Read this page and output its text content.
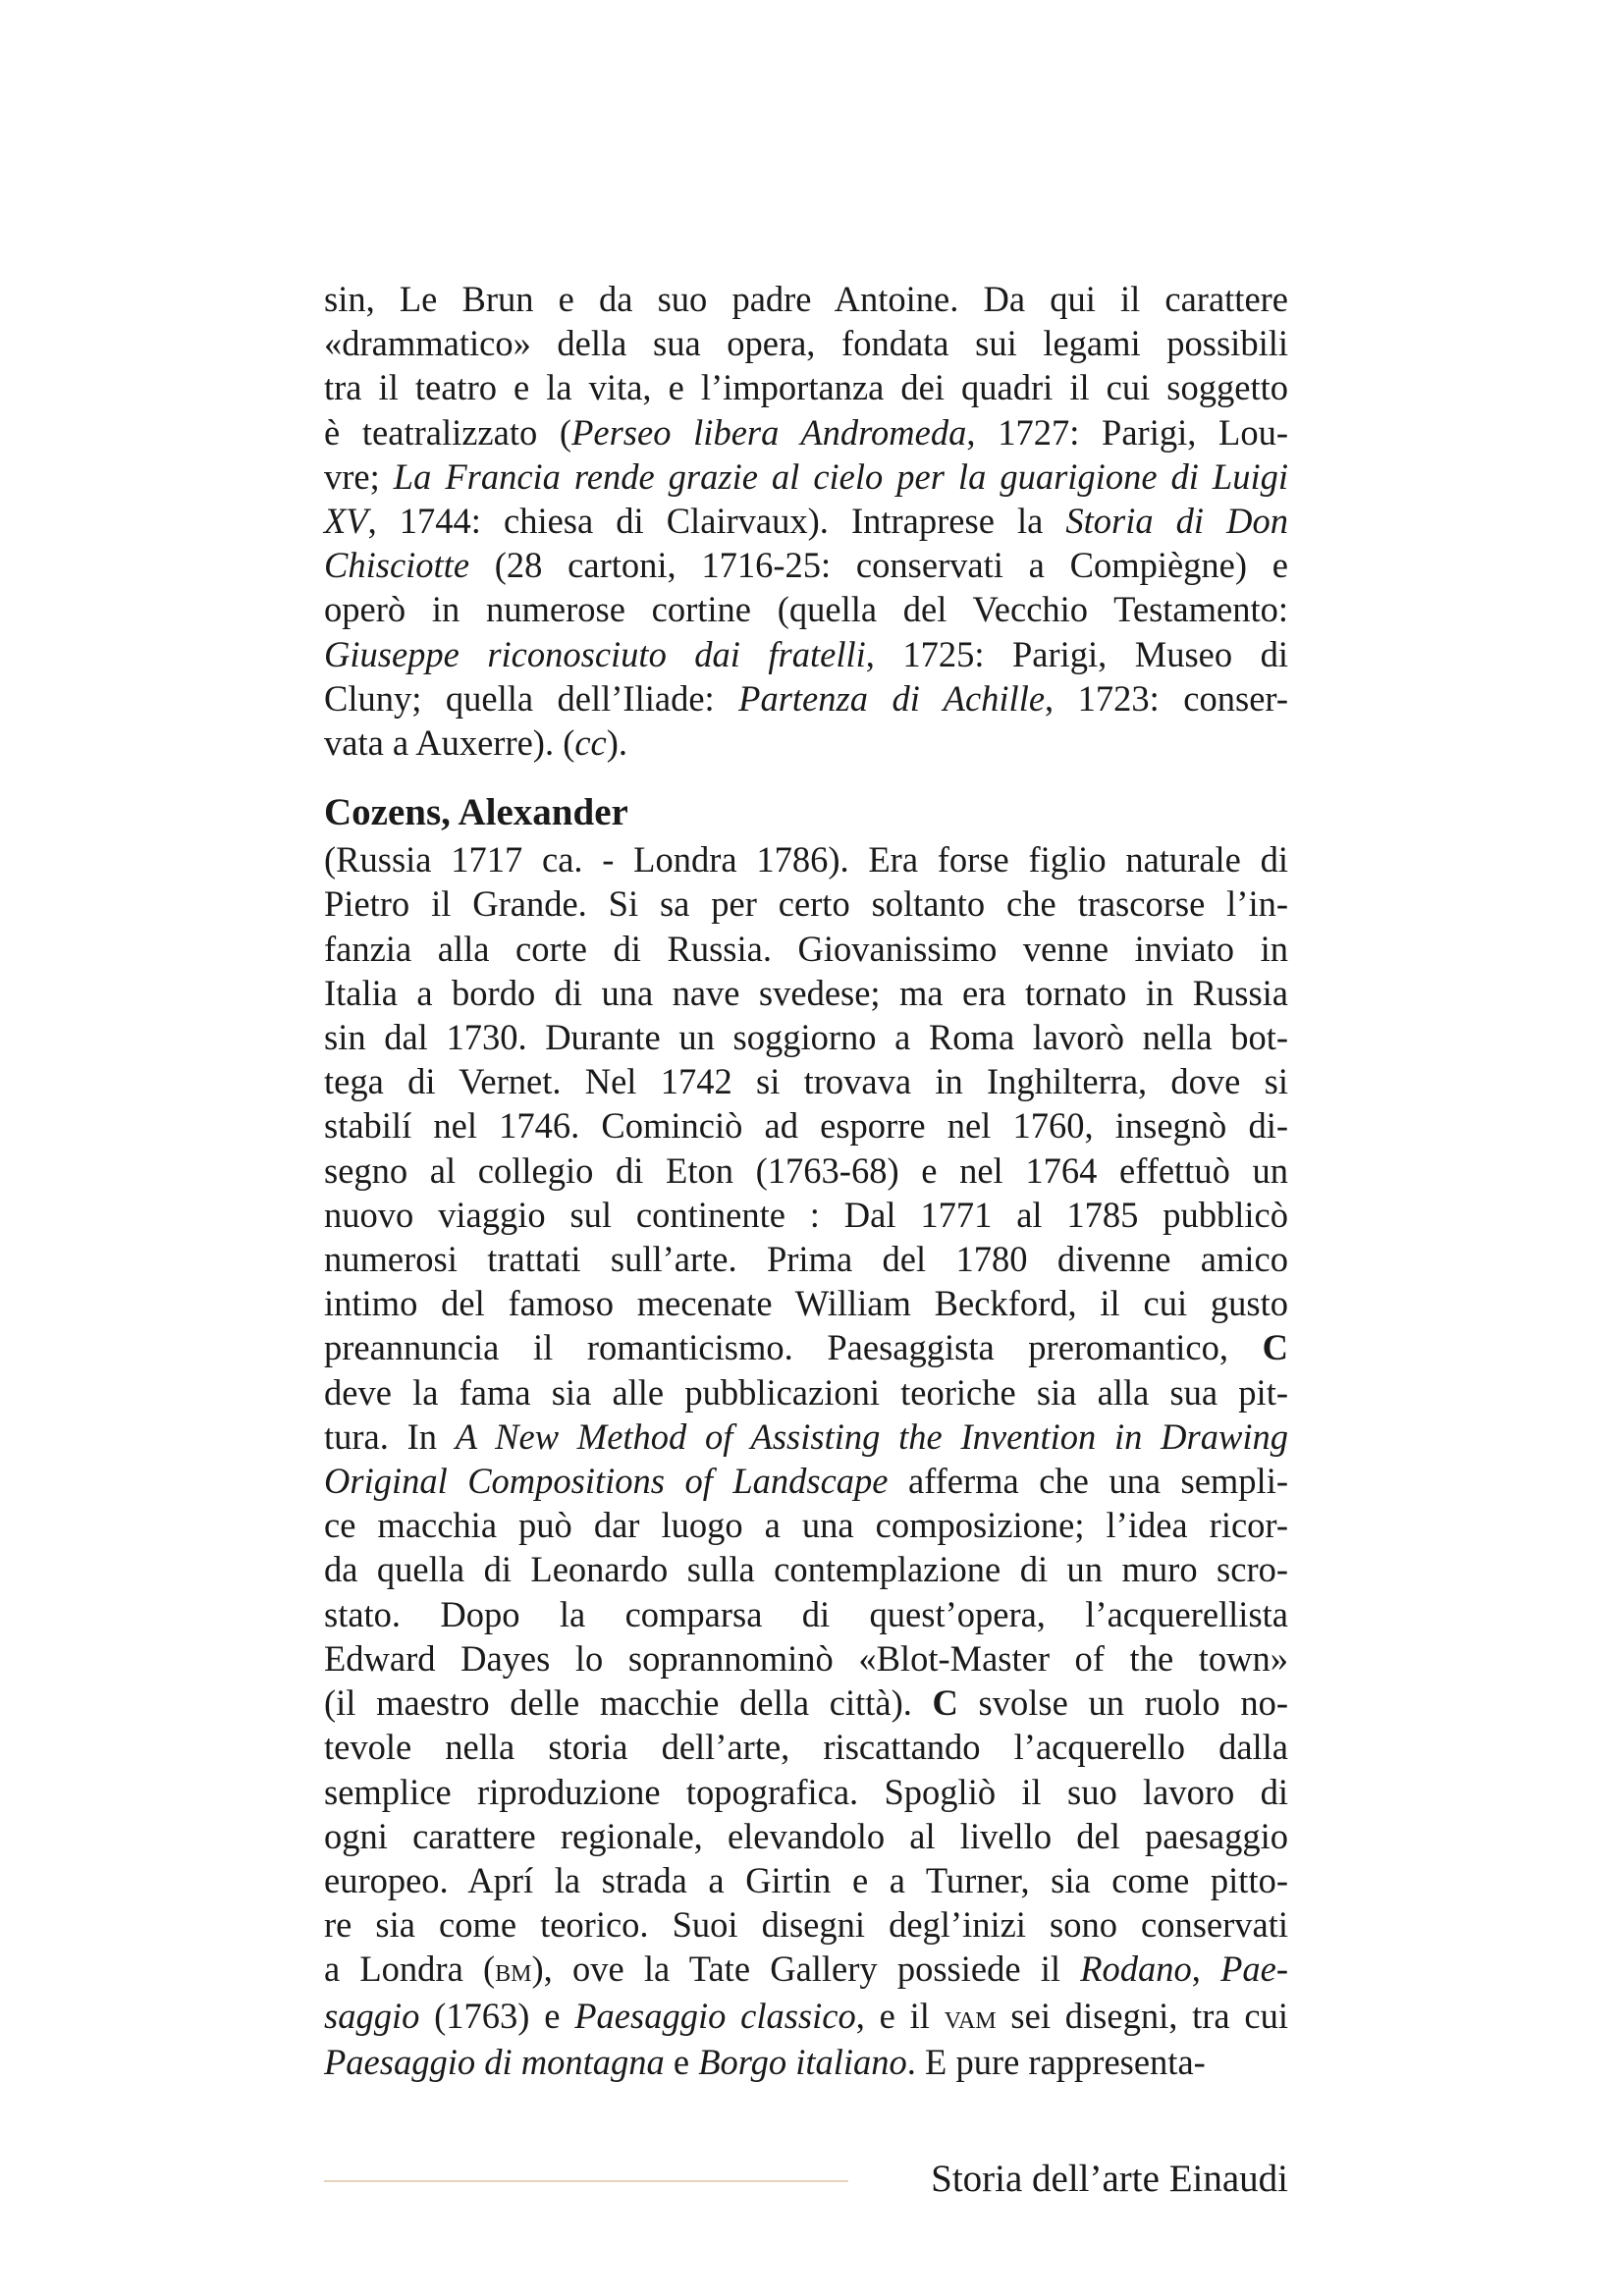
sin, Le Brun e da suo padre Antoine. Da qui il carattere
«drammatico» della sua opera, fondata sui legami possibili
tra il teatro e la vita, e l’importanza dei quadri il cui soggetto
è teatralizzato (Perseo libera Andromeda, 1727: Parigi, Lou-
vre; La Francia rende grazie al cielo per la guarigione di Luigi
XV, 1744: chiesa di Clairvaux). Intraprese la Storia di Don
Chisciotte (28 cartoni, 1716-25: conservati a Compiègne) e
operò in numerose cortine (quella del Vecchio Testamento:
Giuseppe riconosciuto dai fratelli, 1725: Parigi, Museo di
Cluny; quella dell’Iliade: Partenza di Achille, 1723: conser-
vata a Auxerre). (cc).
Cozens, Alexander
(Russia 1717 ca. - Londra 1786). Era forse figlio naturale di
Pietro il Grande. Si sa per certo soltanto che trascorse l’in-
fanzia alla corte di Russia. Giovanissimo venne inviato in
Italia a bordo di una nave svedese; ma era tornato in Russia
sin dal 1730. Durante un soggiorno a Roma lavorò nella bot-
tega di Vernet. Nel 1742 si trovava in Inghilterra, dove si
stabilí nel 1746. Cominciò ad esporre nel 1760, insegnò di-
segno al collegio di Eton (1763-68) e nel 1764 effettuò un
nuovo viaggio sul continente : Dal 1771 al 1785 pubblicò
numerosi trattati sull’arte. Prima del 1780 divenne amico
intimo del famoso mecenate William Beckford, il cui gusto
preannuncia il romanticismo. Paesaggista preromantico, C
deve la fama sia alle pubblicazioni teoriche sia alla sua pit-
tura. In A New Method of Assisting the Invention in Drawing
Original Compositions of Landscape afferma che una sempli-
ce macchia può dar luogo a una composizione; l’idea ricor-
da quella di Leonardo sulla contemplazione di un muro scro-
stato. Dopo la comparsa di quest’opera, l’acquerellista
Edward Dayes lo soprannominò «Blot-Master of the town»
(il maestro delle macchie della città). C svolse un ruolo no-
tevole nella storia dell’arte, riscattando l’acquerello dalla
semplice riproduzione topografica. Spogliò il suo lavoro di
ogni carattere regionale, elevandolo al livello del paesaggio
europeo. Aprí la strada a Girtin e a Turner, sia come pitto-
re sia come teorico. Suoi disegni degl’inizi sono conservati
a Londra (bm), ove la Tate Gallery possiede il Rodano, Pae-
saggio (1763) e Paesaggio classico, e il vam sei disegni, tra cui
Paesaggio di montagna e Borgo italiano. E pure rappresenta-
Storia dell’arte Einaudi
